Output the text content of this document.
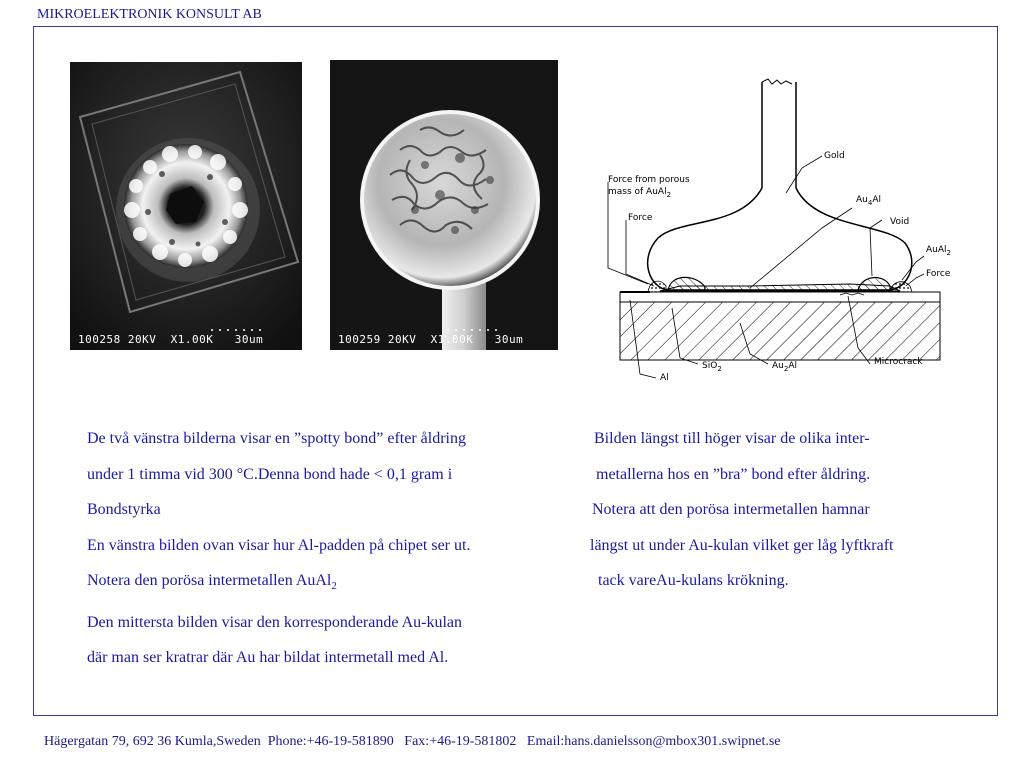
MIKROELEKTRONIK KONSULT AB
100258 20KV  X1.00K   30um	100259 20KV  X1.00K   30um
Gold
Force from porous
mass of AuAl$_2$
Force
$Au_4Al$
Void
AuAl$_2$
Force
Microcrack
Al
SiO$_2$	$Au_2Al$
De två vänstra bilderna visar en ”spotty bond” efter åldring
under 1 timma vid 300 °C.Denna bond hade < 0,1 gram i
Bondstyrka
En vänstra bilden ovan visar hur Al-padden på chipet ser ut.
Notera den porösa intermetallen AuAl$_2$
Den mittersta bilden visar den korresponderande Au-kulan
där man ser kratrar där Au har bildat intermetall med Al.
Bilden längst till höger visar de olika inter-
metallerna hos en ”bra” bond efter åldring.
Notera att den porösa intermetallen hamnar
längst ut under Au-kulan vilket ger låg lyftkraft
tack vareAu-kulans krökning.
Hägergatan 79, 692 36 Kumla,Sweden  Phone:+46-19-581890   Fax:+46-19-581802   Email:hans.danielsson@mbox301.swipnet.se
